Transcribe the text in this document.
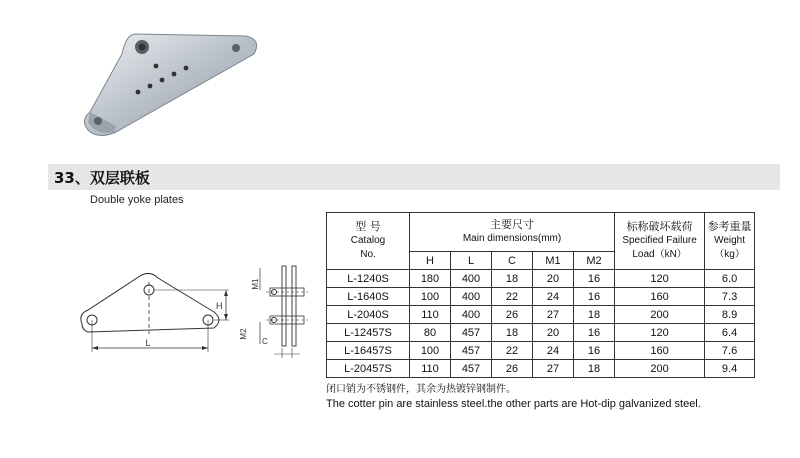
33、双层联板
Double yoke plates
L
H
M1
M2
C
型 号
Catalog
No.	主要尺寸
Main dimensions(mm)					标称破坏载荷
Specified Failure
Load（kN）	参考重量
Weight
（kg）

	H	L	C	M1	M2		
L-1240S	180	400	18	20	16	120	6.0
L-1640S	100	400	22	24	16	160	7.3
L-2040S	110	400	26	27	18	200	8.9
L-12457S	80	457	18	20	16	120	6.4
L-16457S	100	457	22	24	16	160	7.6
L-20457S	110	457	26	27	18	200	9.4
闭口销为不锈钢件，其余为热镀锌钢制件。
The cotter pin are stainless steel.the other parts are Hot-dip galvanized steel.
